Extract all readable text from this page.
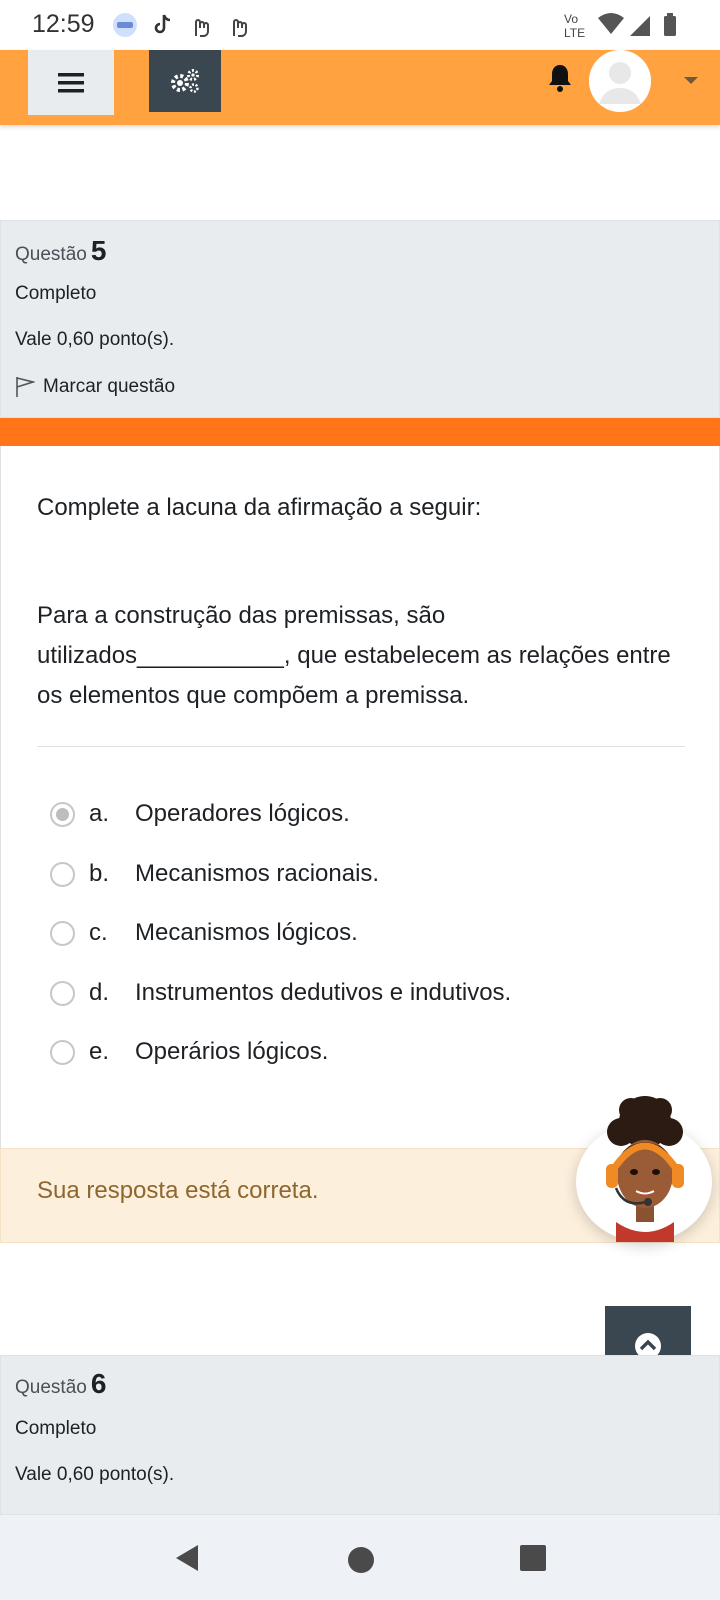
12:59	Vo
LTE
Questão 5
Completo
Vale 0,60 ponto(s).
Marcar questão
Complete a lacuna da afirmação a seguir:
Para a construção das premissas, são utilizados___________, que estabelecem as relações entre os elementos que compõem a premissa.
a.	Operadores lógicos.
b.	Mecanismos racionais.
c.	Mecanismos lógicos.
d.	Instrumentos dedutivos e indutivos.
e.	Operários lógicos.
Sua resposta está correta.
Questão 6
Completo
Vale 0,60 ponto(s).
